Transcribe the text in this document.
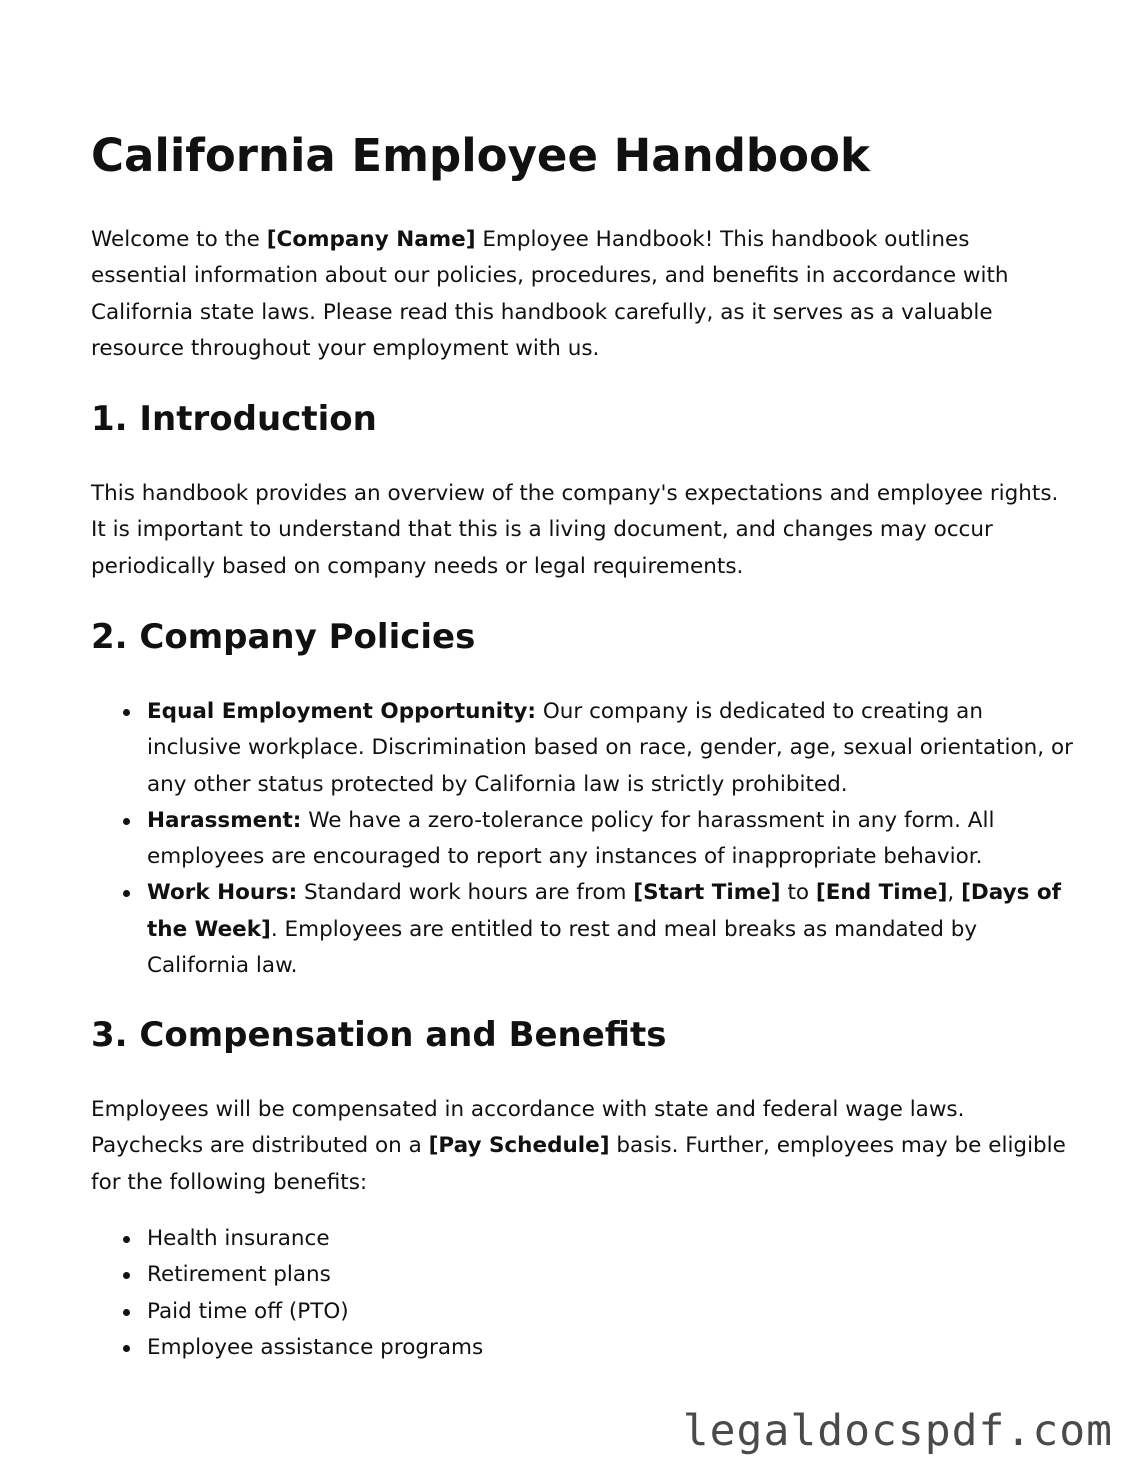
California Employee Handbook

Welcome to the [Company Name] Employee Handbook! This handbook outlines essential information about our policies, procedures, and benefits in accordance with California state laws. Please read this handbook carefully, as it serves as a valuable resource throughout your employment with us.

1. Introduction

This handbook provides an overview of the company's expectations and employee rights. It is important to understand that this is a living document, and changes may occur periodically based on company needs or legal requirements.

2. Company Policies
Equal Employment Opportunity: Our company is dedicated to creating an inclusive workplace. Discrimination based on race, gender, age, sexual orientation, or any other status protected by California law is strictly prohibited.
Harassment: We have a zero-tolerance policy for harassment in any form. All employees are encouraged to report any instances of inappropriate behavior.
Work Hours: Standard work hours are from [Start Time] to [End Time], [Days of the Week]. Employees are entitled to rest and meal breaks as mandated by California law.
3. Compensation and Benefits

Employees will be compensated in accordance with state and federal wage laws. Paychecks are distributed on a [Pay Schedule] basis. Further, employees may be eligible for the following benefits:

Health insurance
Retirement plans
Paid time off (PTO)
Employee assistance programs
legaldocspdf.com
